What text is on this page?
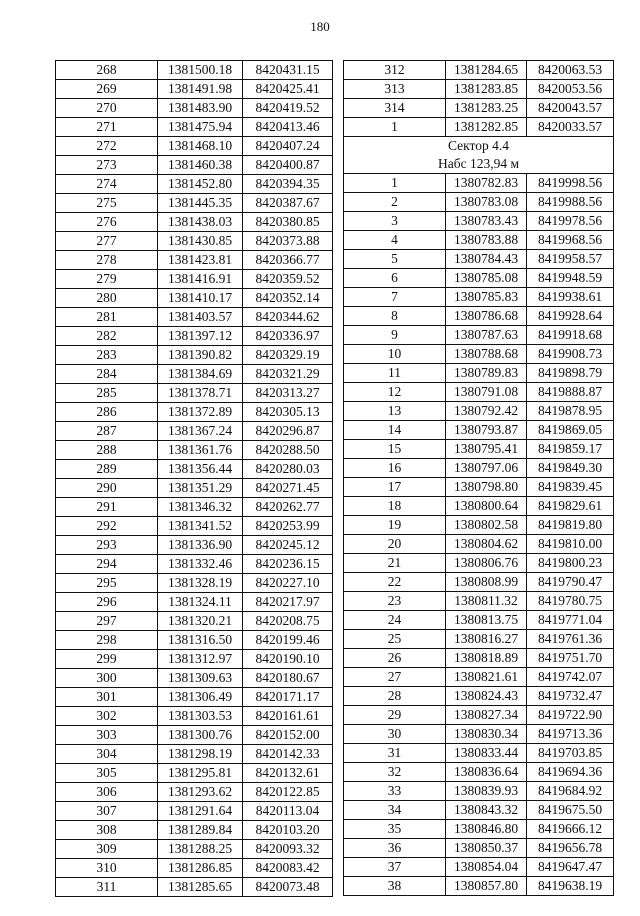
180
268	1381500.18	8420431.15
269	1381491.98	8420425.41
270	1381483.90	8420419.52
271	1381475.94	8420413.46
272	1381468.10	8420407.24
273	1381460.38	8420400.87
274	1381452.80	8420394.35
275	1381445.35	8420387.67
276	1381438.03	8420380.85
277	1381430.85	8420373.88
278	1381423.81	8420366.77
279	1381416.91	8420359.52
280	1381410.17	8420352.14
281	1381403.57	8420344.62
282	1381397.12	8420336.97
283	1381390.82	8420329.19
284	1381384.69	8420321.29
285	1381378.71	8420313.27
286	1381372.89	8420305.13
287	1381367.24	8420296.87
288	1381361.76	8420288.50
289	1381356.44	8420280.03
290	1381351.29	8420271.45
291	1381346.32	8420262.77
292	1381341.52	8420253.99
293	1381336.90	8420245.12
294	1381332.46	8420236.15
295	1381328.19	8420227.10
296	1381324.11	8420217.97
297	1381320.21	8420208.75
298	1381316.50	8420199.46
299	1381312.97	8420190.10
300	1381309.63	8420180.67
301	1381306.49	8420171.17
302	1381303.53	8420161.61
303	1381300.76	8420152.00
304	1381298.19	8420142.33
305	1381295.81	8420132.61
306	1381293.62	8420122.85
307	1381291.64	8420113.04
308	1381289.84	8420103.20
309	1381288.25	8420093.32
310	1381286.85	8420083.42
311	1381285.65	8420073.48
312	1381284.65	8420063.53
313	1381283.85	8420053.56
314	1381283.25	8420043.57
1	1381282.85	8420033.57
Сектор 4.4		
Набс 123,94 м		
1	1380782.83	8419998.56
2	1380783.08	8419988.56
3	1380783.43	8419978.56
4	1380783.88	8419968.56
5	1380784.43	8419958.57
6	1380785.08	8419948.59
7	1380785.83	8419938.61
8	1380786.68	8419928.64
9	1380787.63	8419918.68
10	1380788.68	8419908.73
11	1380789.83	8419898.79
12	1380791.08	8419888.87
13	1380792.42	8419878.95
14	1380793.87	8419869.05
15	1380795.41	8419859.17
16	1380797.06	8419849.30
17	1380798.80	8419839.45
18	1380800.64	8419829.61
19	1380802.58	8419819.80
20	1380804.62	8419810.00
21	1380806.76	8419800.23
22	1380808.99	8419790.47
23	1380811.32	8419780.75
24	1380813.75	8419771.04
25	1380816.27	8419761.36
26	1380818.89	8419751.70
27	1380821.61	8419742.07
28	1380824.43	8419732.47
29	1380827.34	8419722.90
30	1380830.34	8419713.36
31	1380833.44	8419703.85
32	1380836.64	8419694.36
33	1380839.93	8419684.92
34	1380843.32	8419675.50
35	1380846.80	8419666.12
36	1380850.37	8419656.78
37	1380854.04	8419647.47
38	1380857.80	8419638.19
